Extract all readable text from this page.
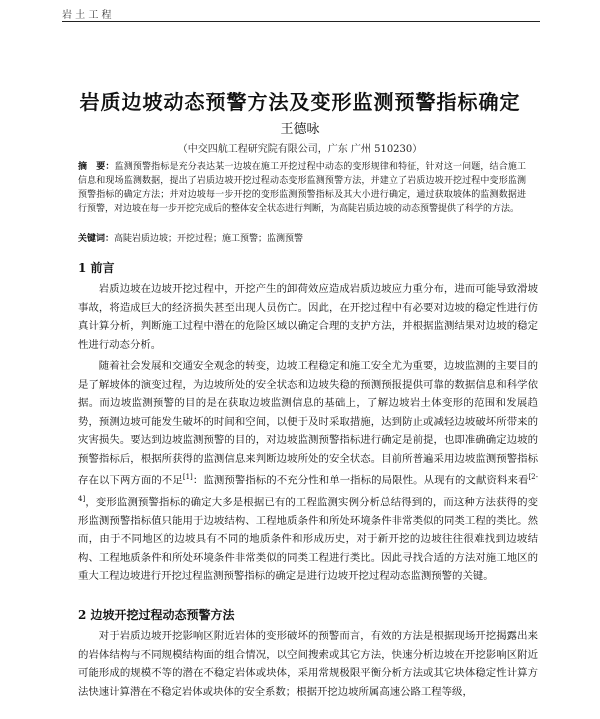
岩 土 工 程
岩质边坡动态预警方法及变形监测预警指标确定
王德咏
（中交四航工程研究院有限公司，广东 广州 510230）
摘　要：监测预警指标是充分表达某一边坡在施工开挖过程中动态的变形规律和特征，针对这一问题，结合施工信息和现场监测数据，提出了岩质边坡开挖过程动态变形监测预警方法，并建立了岩质边坡开挖过程中变形监测预警指标的确定方法；并对边坡每一步开挖的变形监测预警指标及其大小进行确定，通过获取坡体的监测数据进行预警，对边坡在每一步开挖完成后的整体安全状态进行判断，为高陡岩质边坡的动态预警提供了科学的方法。
关键词：高陡岩质边坡；开挖过程；施工预警；监测预警
1 前言

岩质边坡在边坡开挖过程中，开挖产生的卸荷效应造成岩质边坡应力重分布，进而可能导致滑坡事故，将造成巨大的经济损失甚至出现人员伤亡。因此，在开挖过程中有必要对边坡的稳定性进行仿真计算分析，判断施工过程中潜在的危险区域以确定合理的支护方法，并根据监测结果对边坡的稳定性进行动态分析。

随着社会发展和交通安全观念的转变，边坡工程稳定和施工安全尤为重要，边坡监测的主要目的是了解坡体的演变过程，为边坡所处的安全状态和边坡失稳的预测预报提供可靠的数据信息和科学依据。而边坡监测预警的目的是在获取边坡监测信息的基础上，了解边坡岩土体变形的范围和发展趋势，预测边坡可能发生破坏的时间和空间，以便于及时采取措施，达到防止或减轻边坡破坏所带来的灾害损失。要达到边坡监测预警的目的，对边坡监测预警指标进行确定是前提，也即准确确定边坡的预警指标后，根据所获得的监测信息来判断边坡所处的安全状态。目前所普遍采用边坡监测预警指标存在以下两方面的不足[1]：监测预警指标的不充分性和单一指标的局限性。从现有的文献资料来看[2-4]，变形监测预警指标的确定大多是根据已有的工程监测实例分析总结得到的，而这种方法获得的变形监测预警指标值只能用于边坡结构、工程地质条件和所处环境条件非常类似的同类工程的类比。然而，由于不同地区的边坡具有不同的地质条件和形成历史，对于新开挖的边坡往往很难找到边坡结构、工程地质条件和所处环境条件非常类似的同类工程进行类比。因此寻找合适的方法对施工地区的重大工程边坡进行开挖过程监测预警指标的确定是进行边坡开挖过程动态监测预警的关键。

2 边坡开挖过程动态预警方法

对于岩质边坡开挖影响区附近岩体的变形破坏的预警而言，有效的方法是根据现场开挖揭露出来的岩体结构与不同规模结构面的组合情况，以空间搜索或其它方法，快速分析边坡在开挖影响区附近可能形成的规模不等的潜在不稳定岩体或块体，采用常规极限平衡分析方法或其它块体稳定性计算方法快速计算潜在不稳定岩体或块体的安全系数；根据开挖边坡所属高速公路工程等级，
